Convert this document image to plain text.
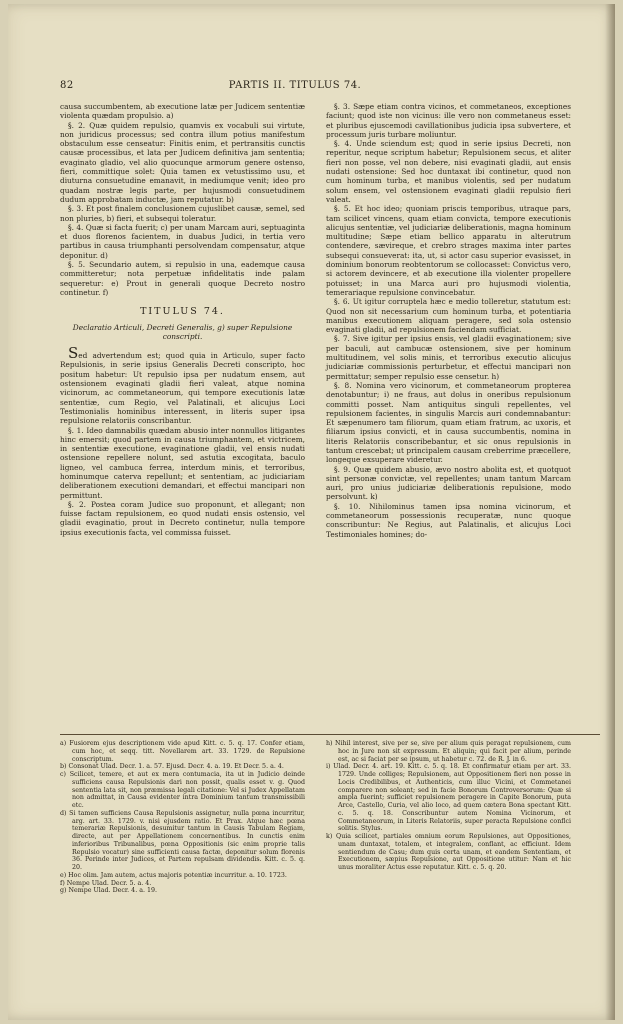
82	PARTIS II. TITULUS 74.

causa succumbentem, ab executione latæ per Judicem sententiæ violenta quædam propulsio. a)

§. 2. Quæ quidem repulsio, quamvis ex vocabuli sui virtute, non juridicus processus; sed contra illum potius manifestum obstaculum esse censeatur: Finitis enim, et pertransitis cunctis causæ processibus, et lata per Judicem definitiva jam sententia; evaginato gladio, vel alio quocunque armorum genere ostenso, fieri, committique solet: Quia tamen ex vetustissimo usu, et diuturna consuetudine emanavit, in mediumque venit; ideo pro quadam nostræ legis parte, per hujusmodi consuetudinem dudum approbatam inductæ, jam reputatur. b)

§. 3. Et post finalem conclusionem cujuslibet causæ, semel, sed non pluries, b) fieri, et subsequi toleratur.

§. 4. Quæ si facta fuerit; c) per unam Marcam auri, septuaginta et duos florenos facientem, in duabus Judici, in tertia vero partibus in causa triumphanti persolvendam compensatur, atque deponitur. d)

§. 5. Secundario autem, si repulsio in una, eademque causa committeretur; nota perpetuæ infidelitatis inde palam sequeretur: e) Prout in generali quoque Decreto nostro continetur. f)

TITULUS 74.
Declaratio Articuli, Decreti Generalis, g) super Repulsione conscripti.

Sed advertendum est; quod quia in Articulo, super facto Repulsionis, in serie ipsius Generalis Decreti conscripto, hoc positum habetur: Ut repulsio ipsa per nudatum ensem, aut ostensionem evaginati gladii fieri valeat, atque nomina vicinorum, ac commetaneorum, qui tempore executionis latæ sententiæ, cum Regio, vel Palatinali, et alicujus Loci Testimonialis hominibus interessent, in literis super ipsa repulsione relatoriis conscribantur.

§. 1. Ideo damnabilis quædam abusio inter nonnullos litigantes hinc emersit; quod partem in causa triumphantem, et victricem, in sententiæ executione, evaginatione gladii, vel ensis nudati ostensione repellere nolunt, sed astutia excogitata, baculo ligneo, vel cambuca ferrea, interdum minis, et terroribus, hominumque caterva repellunt; et sententiam, ac judiciariam deliberationem executioni demandari, et effectui mancipari non permittunt.

§. 2. Postea coram Judice suo proponunt, et allegant; non fuisse factam repulsionem, eo quod nudati ensis ostensio, vel gladii evaginatio, prout in Decreto continetur, nulla tempore ipsius executionis facta, vel commissa fuisset.

§. 3. Sæpe etiam contra vicinos, et commetaneos, exceptiones faciunt; quod iste non vicinus: ille vero non commetaneus esset: et pluribus ejuscemodi cavillationibus judicia ipsa subvertere, et processum juris turbare moliuntur.

§. 4. Unde sciendum est; quod in serie ipsius Decreti, non reperitur, neque scriptum habetur; Repulsionem secus, et aliter fieri non posse, vel non debere, nisi evaginati gladii, aut ensis nudati ostensione: Sed hoc duntaxat ibi continetur, quod non cum hominum turba, et manibus violentis, sed per nudatum solum ensem, vel ostensionem evaginati gladii repulsio fieri valeat.

§. 5. Et hoc ideo; quoniam priscis temporibus, utraque pars, tam scilicet vincens, quam etiam convicta, tempore executionis alicujus sententiæ, vel judiciariæ deliberationis, magna hominum multitudine; Sæpe etiam bellico apparatu in alterutrum contendere, sævireque, et crebro strages maxima inter partes subsequi consueverat: ita, ut, si actor casu superior evasisset, in dominium bonorum reobtentorum se collocasset: Convictus vero, si actorem devincere, et ab executione illa violenter propellere potuisset; in una Marca auri pro hujusmodi violentia, temerariaque repulsione convincebatur.

§. 6. Ut igitur corruptela hæc e medio tolleretur, statutum est: Quod non sit necessarium cum hominum turba, et potentiaria manibus executionem aliquam peragere, sed sola ostensio evaginati gladii, ad repulsionem faciendam sufficiat.

§. 7. Sive igitur per ipsius ensis, vel gladii evaginationem; sive per baculi, aut cambucæ ostensionem, sive per hominum multitudinem, vel solis minis, et terroribus executio alicujus judiciariæ commissionis perturbetur, et effectui mancipari non permittatur; semper repulsio esse censetur. h)

§. 8. Nomina vero vicinorum, et commetaneorum propterea denotabuntur; i) ne fraus, aut dolus in oneribus repulsionum committi posset. Nam antiquitus singuli repellentes, vel repulsionem facientes, in singulis Marcis auri condemnabantur: Et sæpenumero tam filiorum, quam etiam fratrum, ac uxoris, et filiarum ipsius convicti, et in causa succumbentis, nomina in literis Relatoriis conscribebantur, et sic onus repulsionis in tantum crescebat; ut principalem causam creberrime præcellere, longeque exsuperare videretur.

§. 9. Quæ quidem abusio, ævo nostro abolita est, et quotquot sint personæ convictæ, vel repellentes; unam tantum Marcam auri, pro unius judiciariæ deliberationis repulsione, modo persolvunt. k)

§. 10. Nihilominus tamen ipsa nomina vicinorum, et commetaneorum possessionis recuperatæ, nunc quoque conscribuntur: Ne Regius, aut Palatinalis, et alicujus Loci Testimoniales homines; do-

a) Fusiorem ejus descriptionem vide apud Kitt. c. 5. q. 17. Confer etiam, cum hoc, et seqq. titt. Novellarem art. 33. 1729. de Repulsione conscriptum.

b) Consonat Ulad. Decr. 1. a. 57. Ejusd. Decr. 4. a. 19. Et Decr. 5. a. 4.

c) Scilicet, temere, et aut ex mera contumacia, ita ut in Judicio deinde sufficiens causa Repulsionis dari non possit, qualis esset v. g. Quod sententia lata sit, non præmissa legali citatione: Vel si Judex Appellatam non admittat, in Causa evidenter intra Dominium tantum transmissibili etc.

d) Si tamen sufficiens Causa Repulsionis assignetur, nulla pœna incurritur, arg. art. 33. 1729. v. nisi ejusdem ratio. Et Prax. Atque hæc pœna temerariæ Repulsionis, desumitur tantum in Causis Tabulam Regiam, directe, aut per Appellationem concernentibus. In cunctis enim inferioribus Tribunalibus, pœna Oppositionis (sic enim proprie talis Repulsio vocatur) sine sufficienti causa factæ, deponitur solum florenis 36. Perinde inter Judices, et Partem repulsam dividendis. Kitt. c. 5. q. 20.

e) Hoc olim. Jam autem, actus majoris potentiæ incurritur. a. 10. 1723.

f) Nempe Ulad. Decr. 5. a. 4.

g) Nempe Ulad. Decr. 4. a. 19.

h) Nihil interest, sive per se, sive per alium quis peragat repulsionem, cum hoc in Jure non sit expressum. Et aliquin; qui facit per alium, perinde est, ac si faciat per se ipsum, ut habetur c. 72. de R. J. in 6.

i) Ulad. Decr. 4. art. 19. Kitt. c. 5. q. 18. Et confirmatur etiam per art. 33. 1729. Unde colliges; Repulsionem, aut Oppositionem fieri non posse in Locis Credibilibus, et Authenticis, cum illuc Vicini, et Commetanei comparere non soleant; sed in facie Bonorum Controversorum: Quæ si ampla fuerint; sufficiet repulsionem peragere in Capite Bonorum, puta Arce, Castello, Curia, vel alio loco, ad quem cætera Bona spectant Kitt. c. 5. q. 18. Conscribuntur autem Nomina Vicinorum, et Commetaneorum, in Literis Relatoriis, super peracta Repulsione conflci solitis. Stylus.

k) Quia scilicet, partiales omnium eorum Repulsiones, aut Oppositiones, unam duntaxat, totalem, et integralem, conflant, ac efficiunt. Idem sentiendum de Casu; dum quis certa unam, et eandem Sententiam, et Executionem, sæpius Repulsione, aut Oppositione utitur: Nam et hic unus moraliter Actus esse reputatur. Kitt. c. 5. q. 20.
